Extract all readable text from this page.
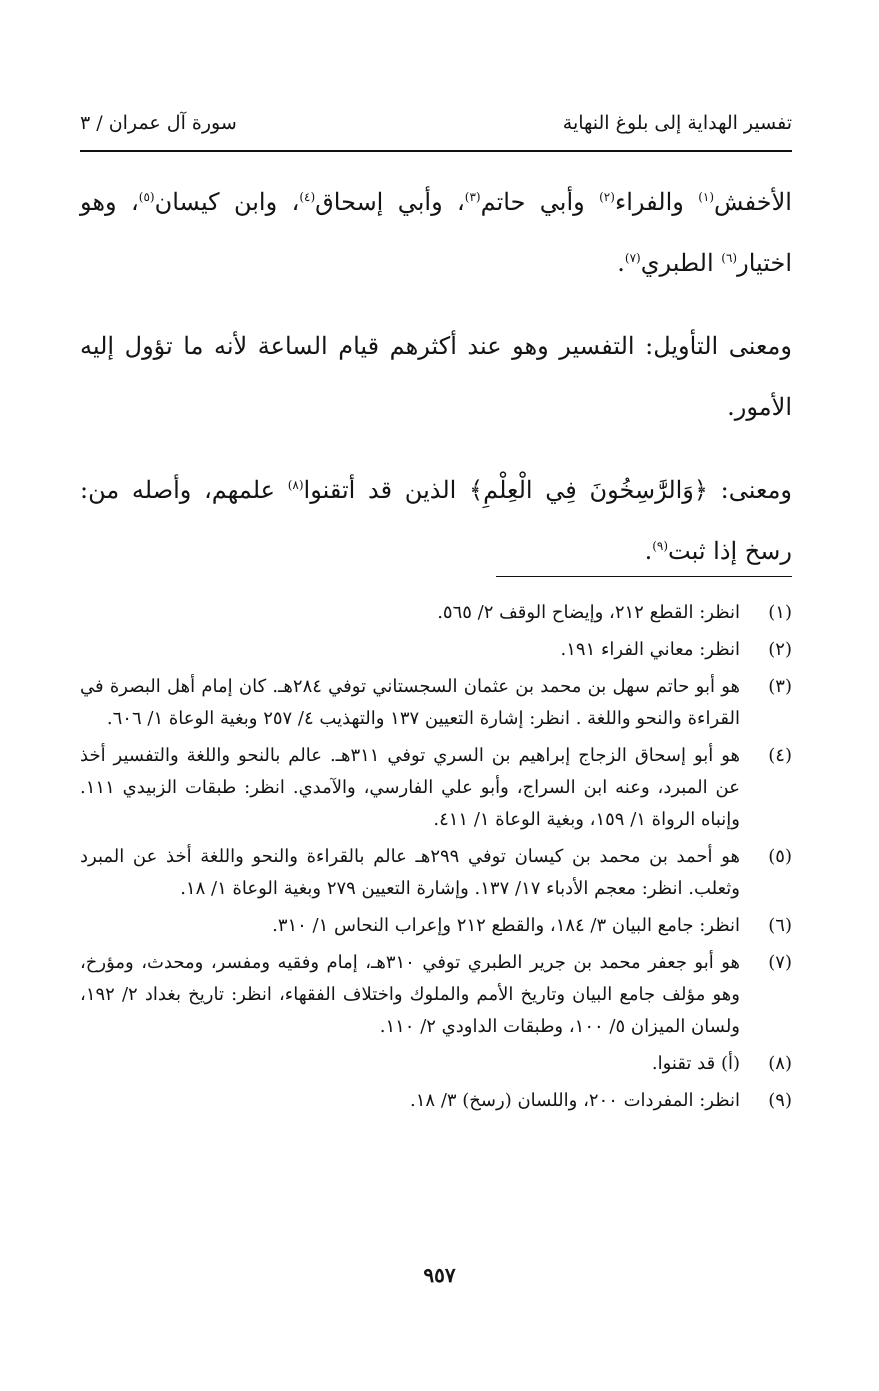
تفسير الهداية إلى بلوغ النهاية
سورة آل عمران / ٣

الأخفش$^{(١)}$ والفراء$^{(٢)}$ وأبي حاتم$^{(٣)}$، وأبي إسحاق$^{(٤)}$، وابن كيسان$^{(٥)}$، وهو اختيار$^{(٦)}$ الطبري$^{(٧)}$.

ومعنى التأويل: التفسير وهو عند أكثرهم قيام الساعة لأنه ما تؤول إليه الأمور.

ومعنى: ﴿وَالرَّٰسِخُونَ فِي الْعِلْمِ﴾ الذين قد أتقنوا$^{(٨)}$ علمهم، وأصله من: رسخ إذا ثبت$^{(٩)}$.

(١)
انظر: القطع ٢١٢، وإيضاح الوقف ٢/ ٥٦٥.
(٢)
انظر: معاني الفراء ١٩١.
(٣)
هو أبو حاتم سهل بن محمد بن عثمان السجستاني توفي ٢٨٤هـ. كان إمام أهل البصرة في القراءة والنحو واللغة . انظر: إشارة التعيين ١٣٧ والتهذيب ٤/ ٢٥٧ وبغية الوعاة ١/ ٦٠٦.
(٤)
هو أبو إسحاق الزجاج إبراهيم بن السري توفي ٣١١هـ. عالم بالنحو واللغة والتفسير أخذ عن المبرد، وعنه ابن السراج، وأبو علي الفارسي، والآمدي. انظر: طبقات الزبيدي ١١١. وإنباه الرواة ١/ ١٥٩، وبغية الوعاة ١/ ٤١١.
(٥)
هو أحمد بن محمد بن كيسان توفي ٢٩٩هـ عالم بالقراءة والنحو واللغة أخذ عن المبرد وثعلب. انظر: معجم الأدباء ١٧/ ١٣٧. وإشارة التعيين ٢٧٩ وبغية الوعاة ١/ ١٨.
(٦)
انظر: جامع البيان ٣/ ١٨٤، والقطع ٢١٢ وإعراب النحاس ١/ ٣١٠.
(٧)
هو أبو جعفر محمد بن جرير الطبري توفي ٣١٠هـ، إمام وفقيه ومفسر، ومحدث، ومؤرخ، وهو مؤلف جامع البيان وتاريخ الأمم والملوك واختلاف الفقهاء، انظر: تاريخ بغداد ٢/ ١٩٢، ولسان الميزان ٥/ ١٠٠، وطبقات الداودي ٢/ ١١٠.
(٨)
(أ) قد تقنوا.
(٩)
انظر: المفردات ٢٠٠، واللسان (رسخ) ٣/ ١٨.
٩٥٧
